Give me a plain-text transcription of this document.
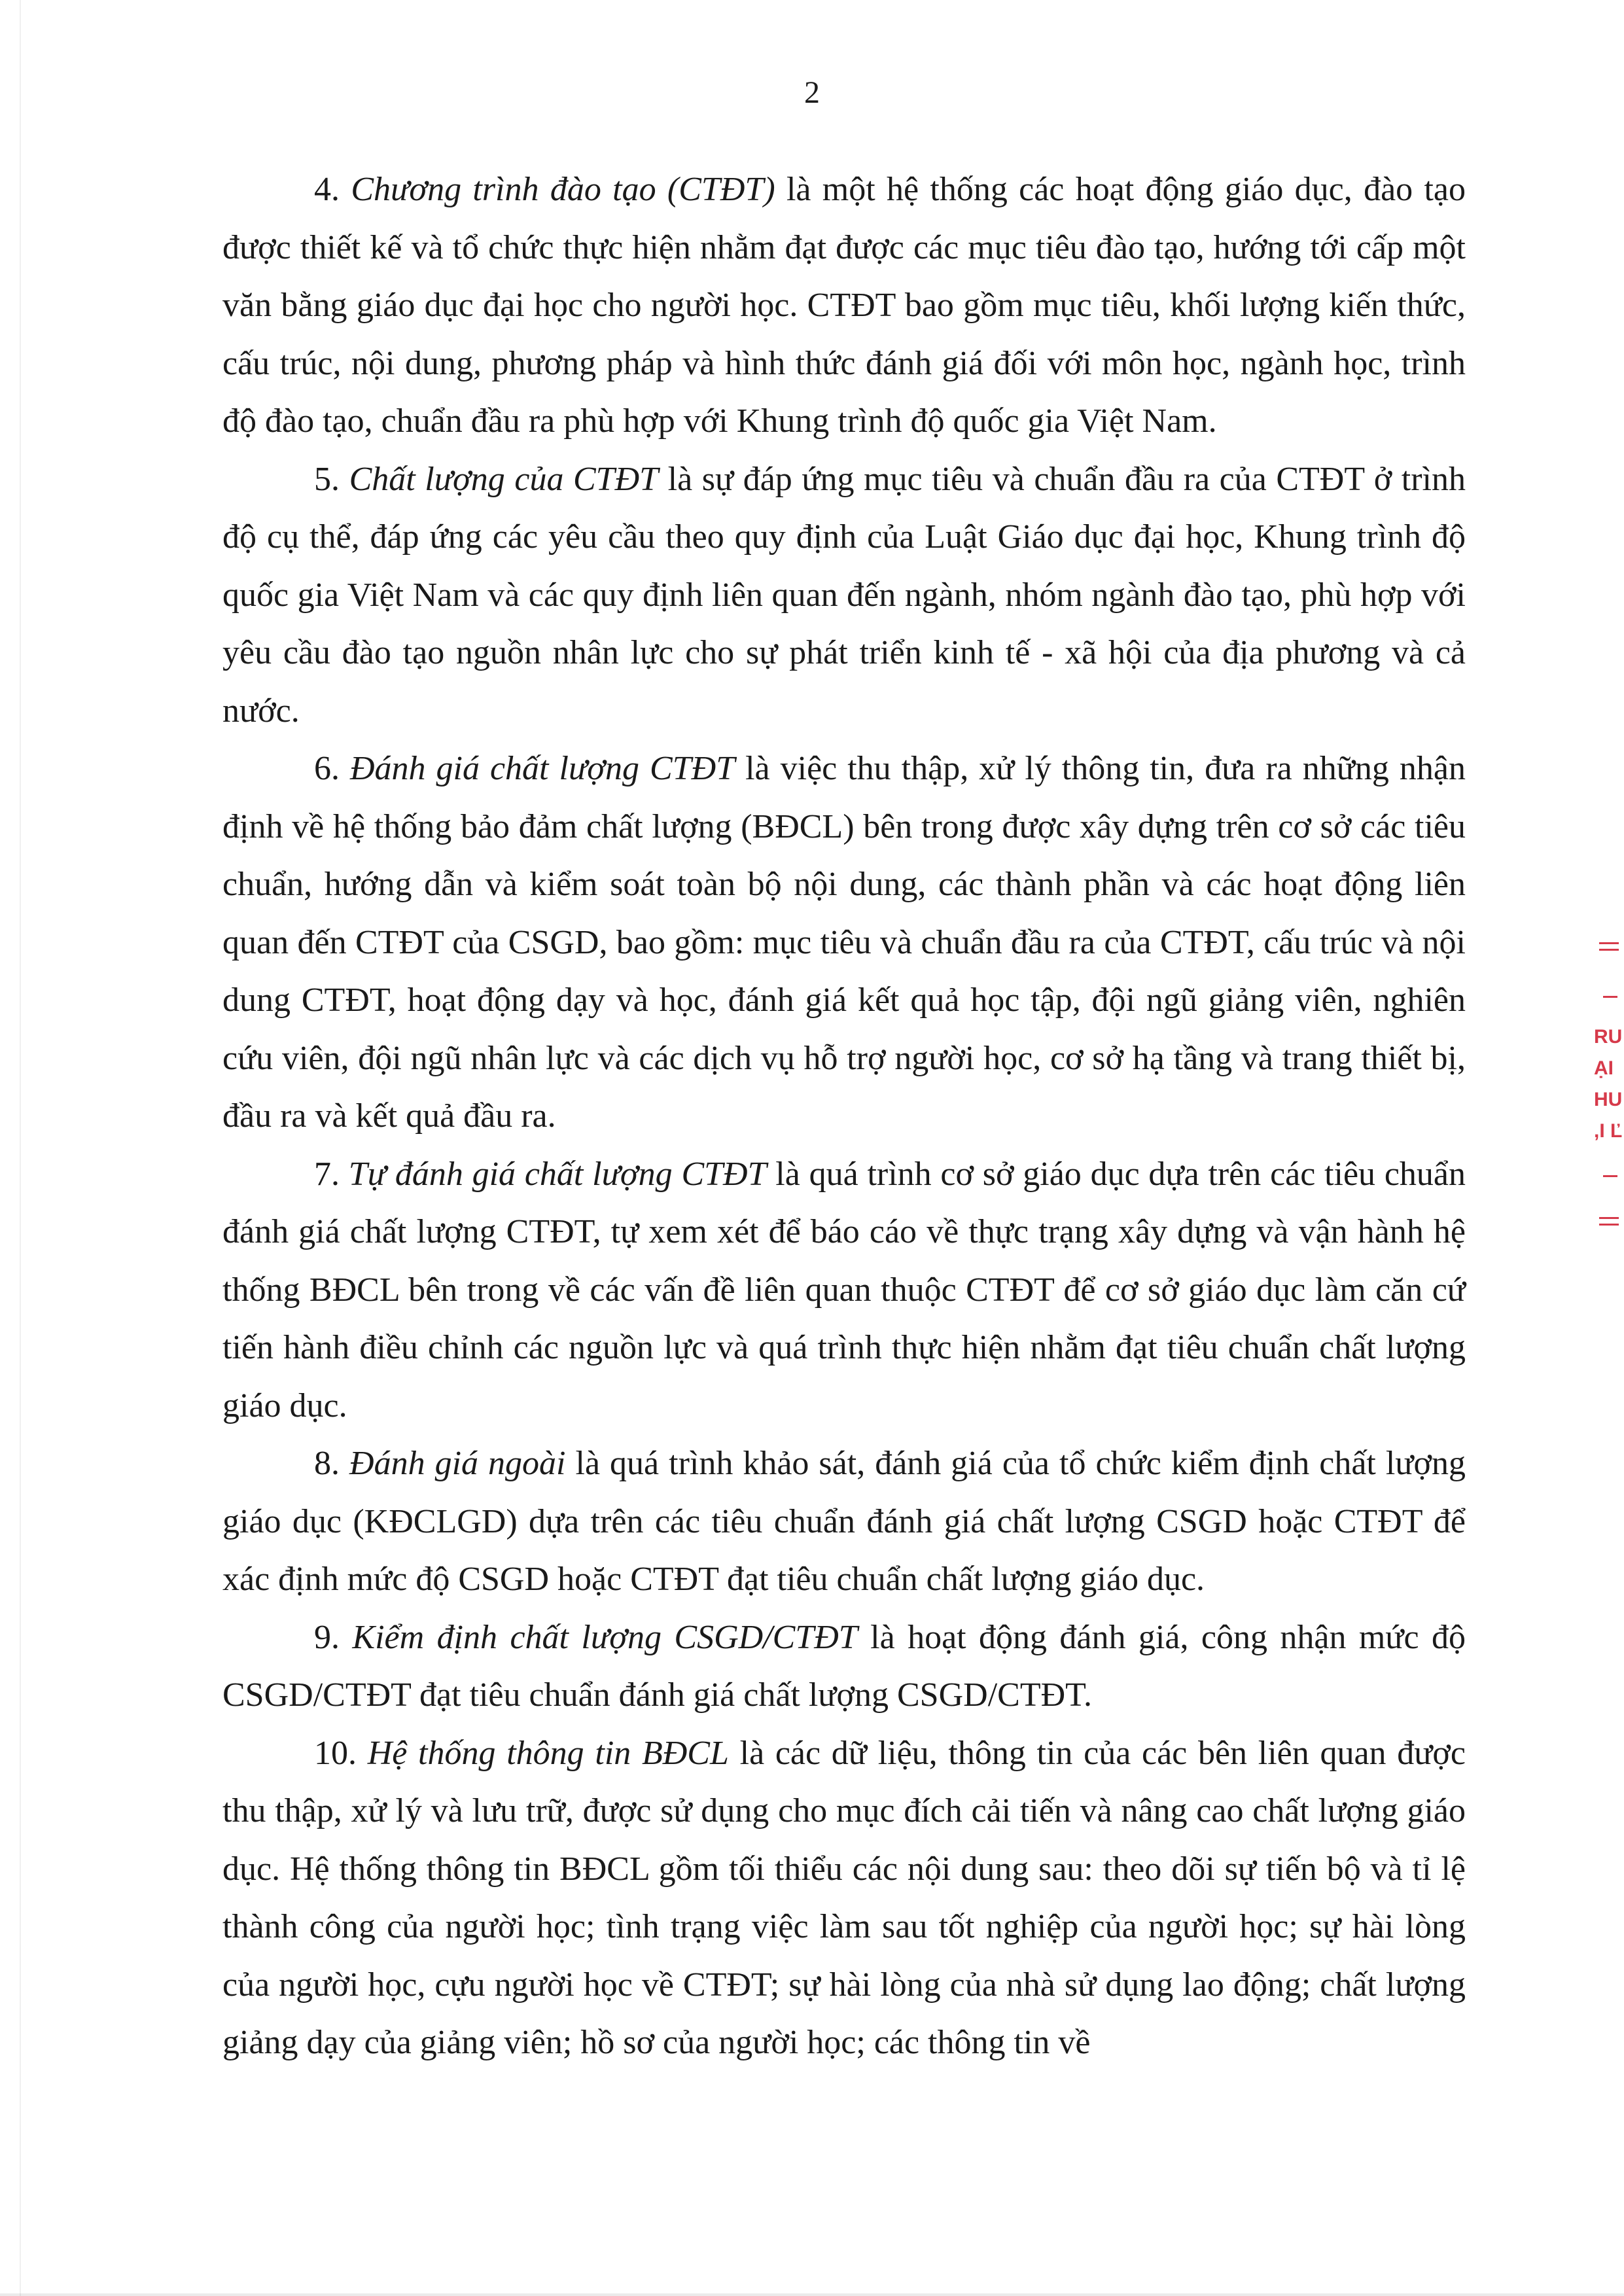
2

4. Chương trình đào tạo (CTĐT) là một hệ thống các hoạt động giáo dục, đào tạo được thiết kế và tổ chức thực hiện nhằm đạt được các mục tiêu đào tạo, hướng tới cấp một văn bằng giáo dục đại học cho người học. CTĐT bao gồm mục tiêu, khối lượng kiến thức, cấu trúc, nội dung, phương pháp và hình thức đánh giá đối với môn học, ngành học, trình độ đào tạo, chuẩn đầu ra phù hợp với Khung trình độ quốc gia Việt Nam.

5. Chất lượng của CTĐT là sự đáp ứng mục tiêu và chuẩn đầu ra của CTĐT ở trình độ cụ thể, đáp ứng các yêu cầu theo quy định của Luật Giáo dục đại học, Khung trình độ quốc gia Việt Nam và các quy định liên quan đến ngành, nhóm ngành đào tạo, phù hợp với yêu cầu đào tạo nguồn nhân lực cho sự phát triển kinh tế - xã hội của địa phương và cả nước.

6. Đánh giá chất lượng CTĐT là việc thu thập, xử lý thông tin, đưa ra những nhận định về hệ thống bảo đảm chất lượng (BĐCL) bên trong được xây dựng trên cơ sở các tiêu chuẩn, hướng dẫn và kiểm soát toàn bộ nội dung, các thành phần và các hoạt động liên quan đến CTĐT của CSGD, bao gồm: mục tiêu và chuẩn đầu ra của CTĐT, cấu trúc và nội dung CTĐT, hoạt động dạy và học, đánh giá kết quả học tập, đội ngũ giảng viên, nghiên cứu viên, đội ngũ nhân lực và các dịch vụ hỗ trợ người học, cơ sở hạ tầng và trang thiết bị, đầu ra và kết quả đầu ra.

7. Tự đánh giá chất lượng CTĐT là quá trình cơ sở giáo dục dựa trên các tiêu chuẩn đánh giá chất lượng CTĐT, tự xem xét để báo cáo về thực trạng xây dựng và vận hành hệ thống BĐCL bên trong về các vấn đề liên quan thuộc CTĐT để cơ sở giáo dục làm căn cứ tiến hành điều chỉnh các nguồn lực và quá trình thực hiện nhằm đạt tiêu chuẩn chất lượng giáo dục.

8. Đánh giá ngoài là quá trình khảo sát, đánh giá của tổ chức kiểm định chất lượng giáo dục (KĐCLGD) dựa trên các tiêu chuẩn đánh giá chất lượng CSGD hoặc CTĐT để xác định mức độ CSGD hoặc CTĐT đạt tiêu chuẩn chất lượng giáo dục.

9. Kiểm định chất lượng CSGD/CTĐT là hoạt động đánh giá, công nhận mức độ CSGD/CTĐT đạt tiêu chuẩn đánh giá chất lượng CSGD/CTĐT.

10. Hệ thống thông tin BĐCL là các dữ liệu, thông tin của các bên liên quan được thu thập, xử lý và lưu trữ, được sử dụng cho mục đích cải tiến và nâng cao chất lượng giáo dục. Hệ thống thông tin BĐCL gồm tối thiểu các nội dung sau: theo dõi sự tiến bộ và tỉ lệ thành công của người học; tình trạng việc làm sau tốt nghiệp của người học; sự hài lòng của người học, cựu người học về CTĐT; sự hài lòng của nhà sử dụng lao động; chất lượng giảng dạy của giảng viên; hồ sơ của người học; các thông tin về

RU
ẠI
HU
,I Ľ
